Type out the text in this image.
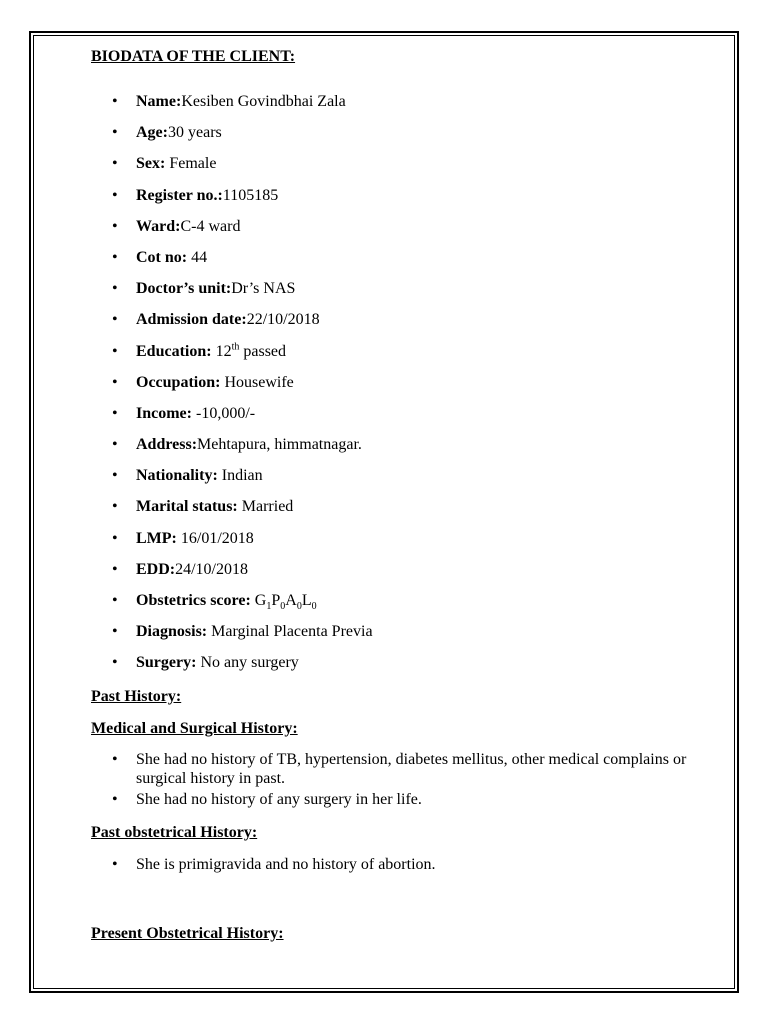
BIODATA OF THE CLIENT:
• Name:Kesiben Govindbhai Zala
• Age:30 years
• Sex: Female
• Register no.:1105185
• Ward:C-4 ward
• Cot no: 44
• Doctor’s unit:Dr’s NAS
• Admission date:22/10/2018
• Education: 12th passed
• Occupation: Housewife
• Income: -10,000/-
• Address:Mehtapura, himmatnagar.
• Nationality: Indian
• Marital status: Married
• LMP: 16/01/2018
• EDD:24/10/2018
• Obstetrics score: $G_1P_0A_0L_0$
• Diagnosis: Marginal Placenta Previa
• Surgery: No any surgery
Past History:
Medical and Surgical History:
• She had no history of TB, hypertension, diabetes mellitus, other medical complains or surgical history in past.
• She had no history of any surgery in her life.
Past obstetrical History:
• She is primigravida and no history of abortion.
Present Obstetrical History:
